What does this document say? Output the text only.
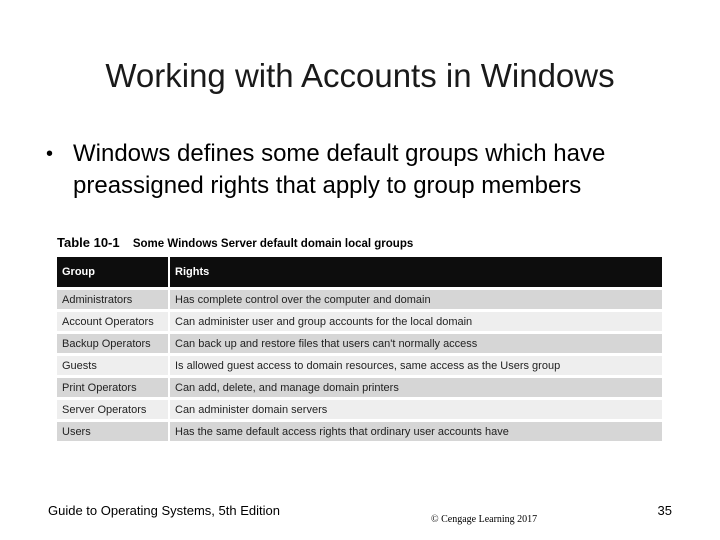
Working with Accounts in Windows
• Windows defines some default groups which have preassigned rights that apply to group members
Table 10-1 Some Windows Server default domain local groups
Group	Rights
Administrators	Has complete control over the computer and domain
Account Operators	Can administer user and group accounts for the local domain
Backup Operators	Can back up and restore files that users can't normally access
Guests	Is allowed guest access to domain resources, same access as the Users group
Print Operators	Can add, delete, and manage domain printers
Server Operators	Can administer domain servers
Users	Has the same default access rights that ordinary user accounts have
Guide to Operating Systems, 5th Edition
© Cengage Learning 2017
35
